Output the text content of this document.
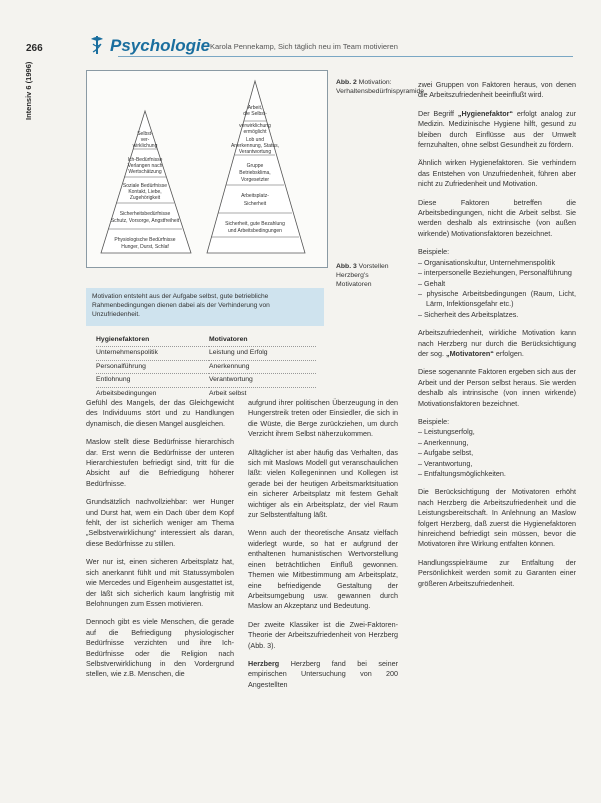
266	Psychologie Karola Pennekamp, Sich täglich neu im Team motivieren
Intensiv 6 (1996)
Selbst-
ver-
wirklichung
Ich-Bedürfnisse
Verlangen nach
Wertschätzung
Soziale Bedürfnisse
Kontakt, Liebe,
Zugehörigkeit
Sicherheitsbedürfnisse
Schutz, Vorsorge, Angstfreiheit
Physiologische Bedürfnisse
Hunger, Durst, Schlaf
Arbeit,
die Selbst-
verwirklichung
ermöglicht
Lob und
Anerkennung, Status,
Verantwortung
Gruppe
Betriebsklima,
Vorgesetzter
Arbeitsplatz-
Sicherheit
Sicherheit, gute Bezahlung
und Arbeitsbedingungen
Abb. 2 Motivation: Verhaltensbedürfnispyramide
Abb. 3 Vorstellen Herzberg's Motivatoren
Motivation entsteht aus der Aufgabe selbst, gute betriebliche Rahmenbedingungen dienen dabei als der Verhinderung von Unzufriedenheit.
Hygienefaktoren	Motivatoren
Unternehmenspolitik	Leistung und Erfolg
Personalführung	Anerkennung
Entlohnung	Verantwortung
Arbeitsbedingungen	Arbeit selbst

Gefühl des Mangels, der das Gleichgewicht des Individuums stört und zu Handlungen dynamisch, die diesen Mangel ausgleichen.

Maslow stellt diese Bedürfnisse hierarchisch dar. Erst wenn die Bedürfnisse der unteren Hierarchiestufen befriedigt sind, tritt für die Absicht auf die Befriedigung höherer Bedürfnisse.

Grundsätzlich nachvollziehbar: wer Hunger und Durst hat, wem ein Dach über dem Kopf fehlt, der ist sicherlich weniger am Thema „Selbstverwirklichung“ interessiert als daran, diese Bedürfnisse zu stillen.

Wer nur ist, einen sicheren Arbeitsplatz hat, sich anerkannt fühlt und mit Statussymbolen wie Mercedes und Eigenheim ausgestattet ist, der läßt sich sicherlich kaum langfristig mit Belohnungen zum Essen motivieren.

Dennoch gibt es viele Menschen, die gerade auf die Befriedigung physiologischer Bedürfnisse verzichten und ihre Ich-Bedürfnisse oder die Religion nach Selbstverwirklichung in den Vordergrund stellen, wie z.B. Menschen, die

aufgrund ihrer politischen Überzeugung in den Hungerstreik treten oder Einsiedler, die sich in die Wüste, die Berge zurückziehen, um durch Verzicht ihrem Selbst näherzukommen.

Alltäglicher ist aber häufig das Verhalten, das sich mit Maslows Modell gut veranschaulichen läßt: vielen Kollegeninnen und Kollegen ist gerade bei der heutigen Arbeitsmarktsituation ein sicherer Arbeitsplatz mit festem Gehalt wichtiger als ein Arbeitsplatz, der viel Raum zur Selbstentfaltung läßt.

Wenn auch der theoretische Ansatz vielfach widerlegt wurde, so hat er aufgrund der enthaltenen humanistischen Wertvorstellung einen beträchtlichen Einfluß gewonnen. Themen wie Mitbestimmung am Arbeitsplatz, eine befriedigende Gestaltung der Arbeitsumgebung usw. gewannen durch Maslow an Akzeptanz und Bedeutung.

Der zweite Klassiker ist die Zwei-Faktoren-Theorie der Arbeitszufriedenheit von Herzberg (Abb. 3).

Herzberg Herzberg fand bei seiner empirischen Untersuchung von 200 Angestellten

zwei Gruppen von Faktoren heraus, von denen die Arbeitszufriedenheit beeinflußt wird.

Der Begriff „Hygienefaktor“ erfolgt analog zur Medizin. Medizinische Hygiene hilft, gesund zu bleiben durch Einflüsse aus der Umwelt fernzuhalten, ohne selbst Gesundheit zu fördern.

Ähnlich wirken Hygienefaktoren. Sie verhindern das Entstehen von Unzufriedenheit, führen aber nicht zu Zufriedenheit und Motivation.

Diese Faktoren betreffen die Arbeitsbedingungen, nicht die Arbeit selbst. Sie werden deshalb als extrinsische (von außen wirkende) Motivationsfaktoren bezeichnet.

Beispiele:
– Organisationskultur, Unternehmenspolitik
– interpersonelle Beziehungen, Personalführung
– Gehalt
– physische Arbeitsbedingungen (Raum, Licht, Lärm, Infektionsgefahr etc.)
– Sicherheit des Arbeitsplatzes.

Arbeitszufriedenheit, wirkliche Motivation kann nach Herzberg nur durch die Berücksichtigung der sog. „Motivatoren“ erfolgen.

Diese sogenannte Faktoren ergeben sich aus der Arbeit und der Person selbst heraus. Sie werden deshalb als intrinsische (von innen wirkende) Motivationsfaktoren bezeichnet.

Beispiele:
– Leistungserfolg,
– Anerkennung,
– Aufgabe selbst,
– Verantwortung,
– Entfaltungsmöglichkeiten.

Die Berücksichtigung der Motivatoren erhöht nach Herzberg die Arbeitszufriedenheit und die Leistungsbereitschaft. In Anlehnung an Maslow folgert Herzberg, daß zuerst die Hygienefaktoren hinreichend befriedigt sein müssen, bevor die Motivatoren ihre Wirkung entfalten können.

Handlungsspielräume zur Entfaltung der Persönlichkeit werden somit zu Garanten einer größeren Arbeitszufriedenheit.
